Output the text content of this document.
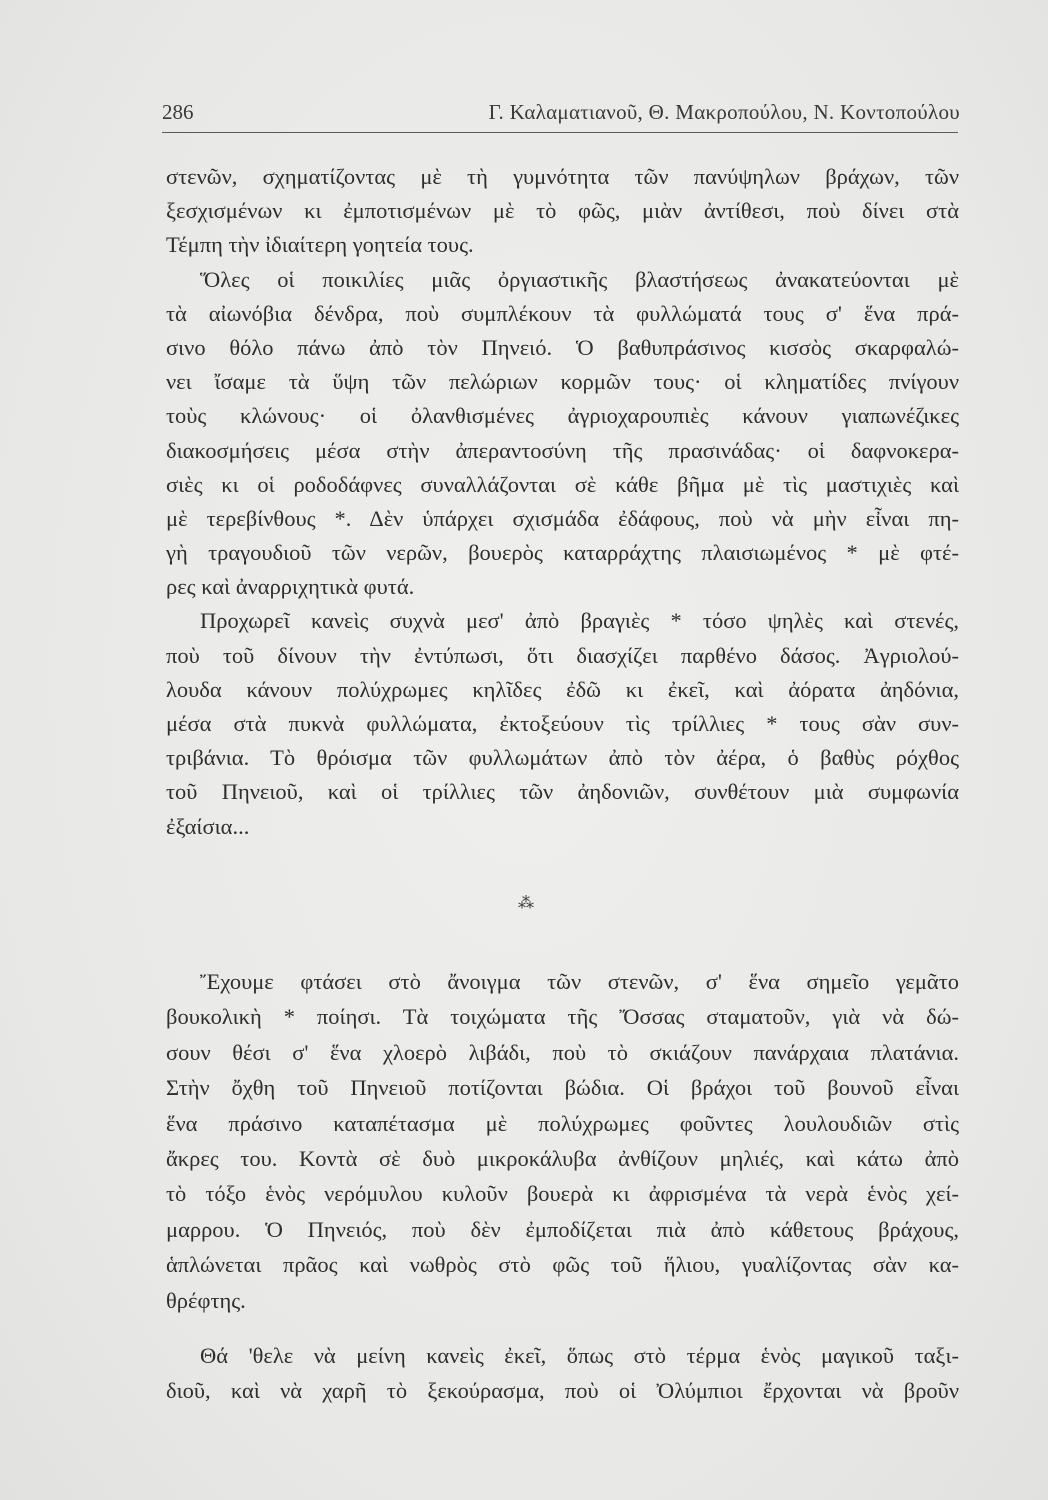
286	Γ. Καλαματιανοῦ, Θ. Μακροπούλου, Ν. Κοντοπούλου
στενῶν, σχηματίζοντας μὲ τὴ γυμνότητα τῶν πανύψηλων βράχων, τῶν
ξεσχισμένων κι ἐμποτισμένων μὲ τὸ φῶς, μιὰν ἀντίθεσι, ποὺ δίνει στὰ
Τέμπη τὴν ἰδιαίτερη γοητεία τους.
Ὅλες οἱ ποικιλίες μιᾶς ὀργιαστικῆς βλαστήσεως ἀνακατεύονται μὲ
τὰ αἰωνόβια δένδρα, ποὺ συμπλέκουν τὰ φυλλώματά τους σ' ἕνα πρά-
σινο θόλο πάνω ἀπὸ τὸν Πηνειό. Ὁ βαθυπράσινος κισσὸς σκαρφαλώ-
νει ἴσαμε τὰ ὕψη τῶν πελώριων κορμῶν τους· οἱ κληματίδες πνίγουν
τοὺς κλώνους· οἱ ὀλανθισμένες ἀγριοχαρουπιὲς κάνουν γιαπωνέζικες
διακοσμήσεις μέσα στὴν ἀπεραντοσύνη τῆς πρασινάδας· οἱ δαφνοκερα-
σιὲς κι οἱ ροδοδάφνες συναλλάζονται σὲ κάθε βῆμα μὲ τὶς μαστιχιὲς καὶ
μὲ τερεβίνθους *. Δὲν ὑπάρχει σχισμάδα ἐδάφους, ποὺ νὰ μὴν εἶναι πη-
γὴ τραγουδιοῦ τῶν νερῶν, βουερὸς καταρράχτης πλαισιωμένος * μὲ φτέ-
ρες καὶ ἀναρριχητικὰ φυτά.
Προχωρεῖ κανεὶς συχνὰ μεσ' ἀπὸ βραγιὲς * τόσο ψηλὲς καὶ στενές,
ποὺ τοῦ δίνουν τὴν ἐντύπωσι, ὅτι διασχίζει παρθένο δάσος. Ἀγριολού-
λουδα κάνουν πολύχρωμες κηλῖδες ἐδῶ κι ἐκεῖ, καὶ ἀόρατα ἀηδόνια,
μέσα στὰ πυκνὰ φυλλώματα, ἐκτοξεύουν τὶς τρίλλιες * τους σὰν συν-
τριβάνια. Τὸ θρόισμα τῶν φυλλωμάτων ἀπὸ τὸν ἀέρα, ὁ βαθὺς ρόχθος
τοῦ Πηνειοῦ, καὶ οἱ τρίλλιες τῶν ἀηδονιῶν, συνθέτουν μιὰ συμφωνία
ἐξαίσια...
⁂
Ἔχουμε φτάσει στὸ ἄνοιγμα τῶν στενῶν, σ' ἕνα σημεῖο γεμᾶτο
βουκολικὴ * ποίησι. Τὰ τοιχώματα τῆς Ὄσσας σταματοῦν, γιὰ νὰ δώ-
σουν θέσι σ' ἕνα χλοερὸ λιβάδι, ποὺ τὸ σκιάζουν πανάρχαια πλατάνια.
Στὴν ὄχθη τοῦ Πηνειοῦ ποτίζονται βώδια. Οἱ βράχοι τοῦ βουνοῦ εἶναι
ἕνα πράσινο καταπέτασμα μὲ πολύχρωμες φοῦντες λουλουδιῶν στὶς
ἄκρες του. Κοντὰ σὲ δυὸ μικροκάλυβα ἀνθίζουν μηλιές, καὶ κάτω ἀπὸ
τὸ τόξο ἑνὸς νερόμυλου κυλοῦν βουερὰ κι ἀφρισμένα τὰ νερὰ ἑνὸς χεί-
μαρρου. Ὁ Πηνειός, ποὺ δὲν ἐμποδίζεται πιὰ ἀπὸ κάθετους βράχους,
ἁπλώνεται πρᾶος καὶ νωθρὸς στὸ φῶς τοῦ ἥλιου, γυαλίζοντας σὰν κα-
θρέφτης.
Θά 'θελε νὰ μείνη κανεὶς ἐκεῖ, ὅπως στὸ τέρμα ἑνὸς μαγικοῦ ταξι-
διοῦ, καὶ νὰ χαρῆ τὸ ξεκούρασμα, ποὺ οἱ Ὀλύμπιοι ἔρχονται νὰ βροῦν
